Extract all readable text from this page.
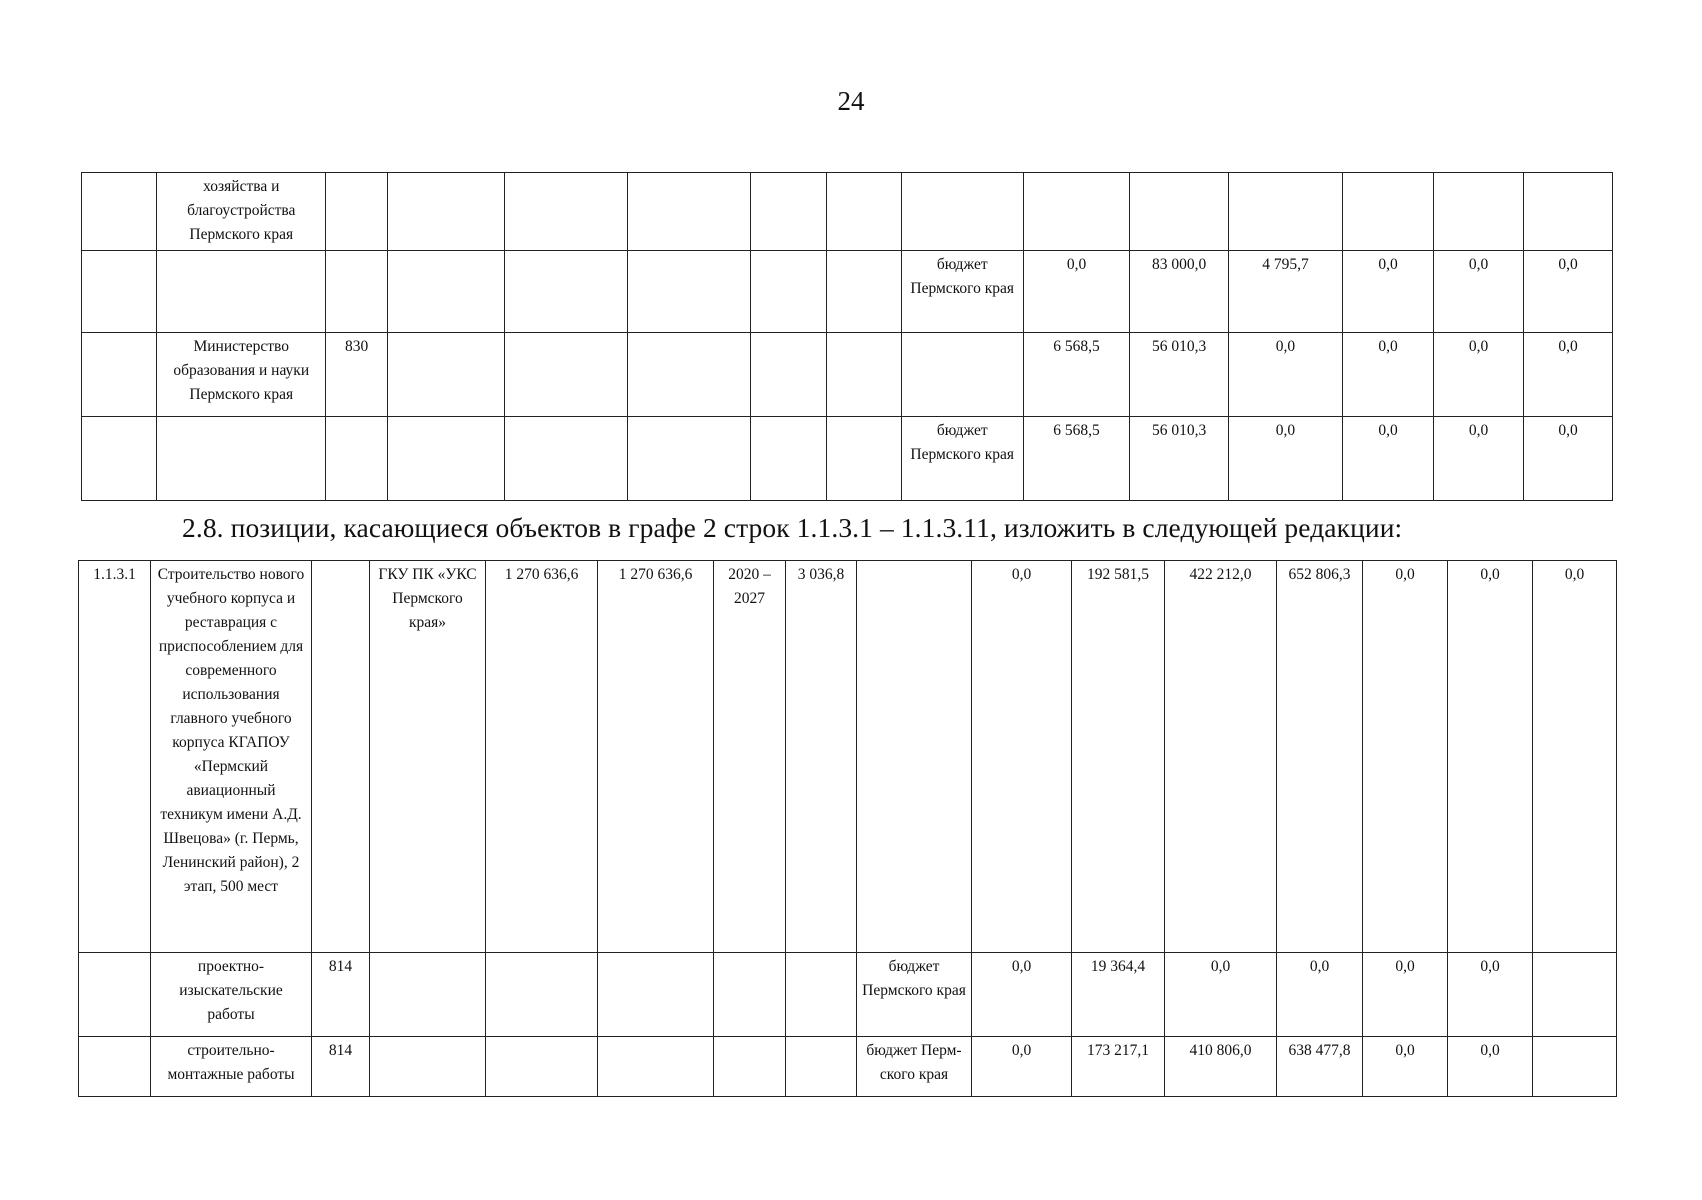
24
	хозяйства и благоустройства Пермского края													
								бюджет Пермского края	0,0	83 000,0	4 795,7	0,0	0,0	0,0
	Министерство образования и науки Пермского края	830							6 568,5	56 010,3	0,0	0,0	0,0	0,0
								бюджет Пермского края	6 568,5	56 010,3	0,0	0,0	0,0	0,0
2.8. позиции, касающиеся объектов в графе 2 строк 1.1.3.1 – 1.1.3.11, изложить в следующей редакции:
1.1.3.1	Строительство нового учебного корпуса и реставрация с приспособлением для современного использования главного учебного корпуса КГАПОУ «Пермский авиационный техникум имени А.Д. Швецова» (г. Пермь, Ленинский район), 2 этап, 500 мест		ГКУ ПК «УКС Пермского края»	1 270 636,6	1 270 636,6	2020 – 2027	3 036,8		0,0	192 581,5	422 212,0	652 806,3	0,0	0,0	0,0
	проектно-изыскательские работы	814						бюджет Пермского края	0,0	19 364,4	0,0	0,0	0,0	0,0	
	строительно-монтажные работы	814						бюджет Перм-ского края	0,0	173 217,1	410 806,0	638 477,8	0,0	0,0	
